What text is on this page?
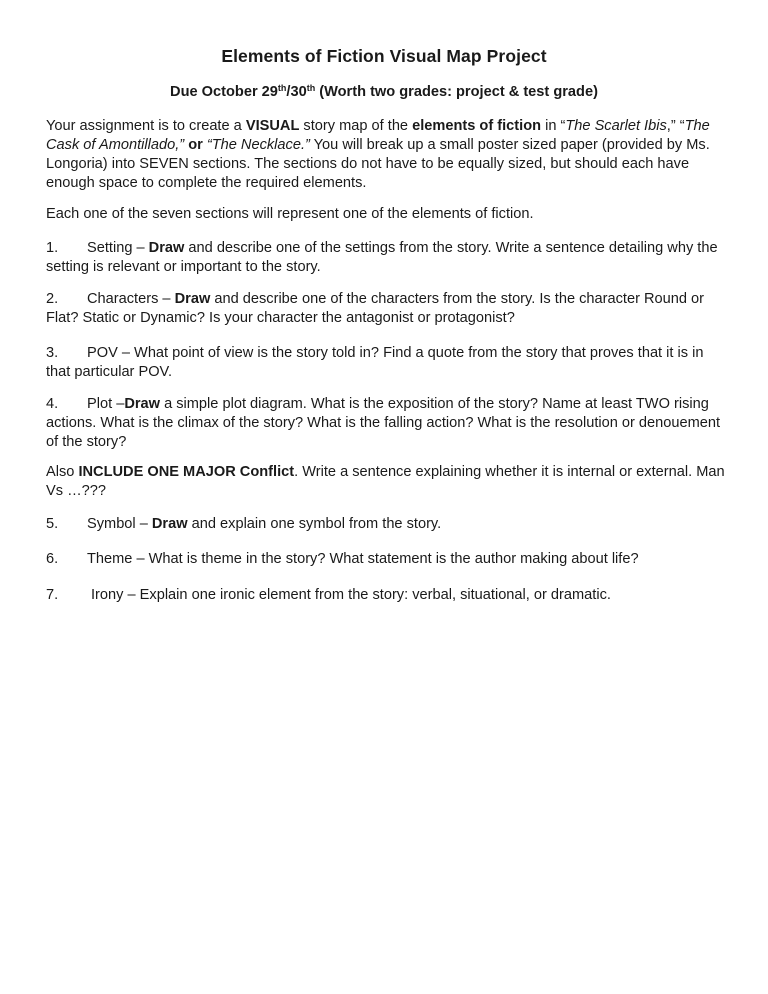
Elements of Fiction Visual Map Project
Due October 29th/30th (Worth two grades: project & test grade)

Your assignment is to create a VISUAL story map of the elements of fiction in “The Scarlet Ibis,” “The Cask of Amontillado,” or “The Necklace.” You will break up a small poster sized paper (provided by Ms. Longoria) into SEVEN sections. The sections do not have to be equally sized, but should each have enough space to complete the required elements.

Each one of the seven sections will represent one of the elements of fiction.

1. Setting – Draw and describe one of the settings from the story. Write a sentence detailing why the setting is relevant or important to the story.

2. Characters – Draw and describe one of the characters from the story. Is the character Round or Flat? Static or Dynamic? Is your character the antagonist or protagonist?

3. POV – What point of view is the story told in? Find a quote from the story that proves that it is in that particular POV.

4. Plot –Draw a simple plot diagram. What is the exposition of the story? Name at least TWO rising actions. What is the climax of the story? What is the falling action? What is the resolution or denouement of the story?

Also INCLUDE ONE MAJOR Conflict. Write a sentence explaining whether it is internal or external. Man Vs …???

5. Symbol – Draw and explain one symbol from the story.

6. Theme – What is theme in the story? What statement is the author making about life?

7. Irony – Explain one ironic element from the story: verbal, situational, or dramatic.
